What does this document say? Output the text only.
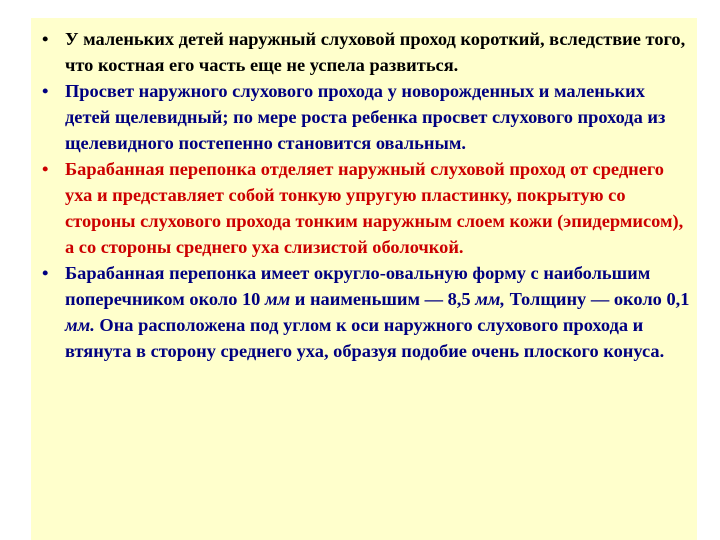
• У маленьких детей наружный слуховой проход короткий, вследствие того, что костная его часть еще не успела развиться.
• Просвет наружного слухового прохода у новорожденных и маленьких детей щелевидный; по мере роста ребенка просвет слухового прохода из щелевидного постепенно становится овальным.
• Барабанная перепонка отделяет наружный слуховой проход от среднего уха и представляет собой тонкую упругую пластинку, покрытую со стороны слухового прохода тонким наружным слоем кожи (эпидермисом), а со стороны среднего уха слизистой оболочкой.
• Барабанная перепонка имеет округло-овальную форму с наибольшим поперечником около 10 мм и наименьшим — 8,5 мм, Толщину — около 0,1 мм. Она расположена под углом к оси наружного слухового прохода и втянута в сторону среднего уха, образуя подобие очень плоского конуса.
